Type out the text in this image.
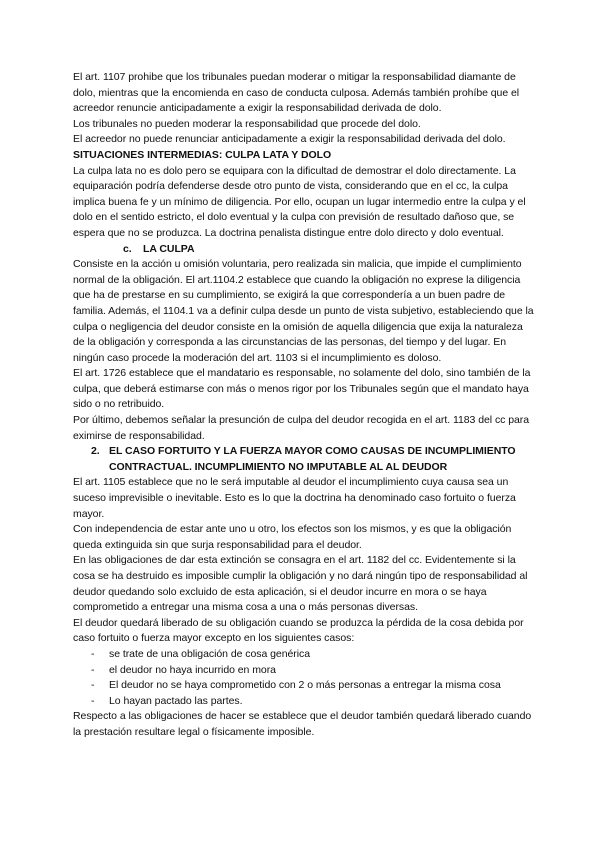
El art. 1107 prohibe que los tribunales puedan moderar o mitigar la responsabilidad diamante de dolo, mientras que la encomienda en caso de conducta culposa. Además también prohíbe que el acreedor renuncie anticipadamente a exigir la responsabilidad derivada de dolo.

Los tribunales no pueden moderar la responsabilidad que procede del dolo.

El acreedor no puede renunciar anticipadamente a exigir la responsabilidad derivada del dolo.

SITUACIONES INTERMEDIAS: CULPA LATA Y DOLO

La culpa lata no es dolo pero se equipara con la dificultad de demostrar el dolo directamente. La equiparación podría defenderse desde otro punto de vista, considerando que en el cc, la culpa implica buena fe y un mínimo de diligencia. Por ello, ocupan un lugar intermedio entre la culpa y el dolo en el sentido estricto, el dolo eventual y la culpa con previsión de resultado dañoso que, se espera que no se produzca. La doctrina penalista distingue entre dolo directo y dolo eventual.

c. LA CULPA

Consiste en la acción u omisión voluntaria, pero realizada sin malicia, que impide el cumplimiento normal de la obligación. El art.1104.2 establece que cuando la obligación no exprese la diligencia que ha de prestarse en su cumplimiento, se exigirá la que correspondería a un buen padre de familia. Además, el 1104.1 va a definir culpa desde un punto de vista subjetivo, estableciendo que la culpa o negligencia del deudor consiste en la omisión de aquella diligencia que exija la naturaleza de la obligación y corresponda a las circunstancias de las personas, del tiempo y del lugar. En ningún caso procede la moderación del art. 1103 si el incumplimiento es doloso.

El art. 1726 establece que el mandatario es responsable, no solamente del dolo, sino también de la culpa, que deberá estimarse con más o menos rigor por los Tribunales según que el mandato haya sido o no retribuido.

Por último, debemos señalar la presunción de culpa del deudor recogida en el art. 1183 del cc para eximirse de responsabilidad.

2. EL CASO FORTUITO Y LA FUERZA MAYOR COMO CAUSAS DE INCUMPLIMIENTO CONTRACTUAL. INCUMPLIMIENTO NO IMPUTABLE AL AL DEUDOR

El art. 1105 establece que no le será imputable al deudor el incumplimiento cuya causa sea un suceso imprevisible o inevitable. Esto es lo que la doctrina ha denominado caso fortuito o fuerza mayor.

Con independencia de estar ante uno u otro, los efectos son los mismos, y es que la obligación queda extinguida sin que surja responsabilidad para el deudor.

En las obligaciones de dar esta extinción se consagra en el art. 1182 del cc. Evidentemente si la cosa se ha destruido es imposible cumplir la obligación y no dará ningún tipo de responsabilidad al deudor quedando solo excluido de esta aplicación, si el deudor incurre en mora o se haya comprometido a entregar una misma cosa a una o más personas diversas.

El deudor quedará liberado de su obligación cuando se produzca la pérdida de la cosa debida por caso fortuito o fuerza mayor excepto en los siguientes casos:

-	se trate de una obligación de cosa genérica
-	el deudor no haya incurrido en mora
-	El deudor no se haya comprometido con 2 o más personas a entregar la misma cosa
-	Lo hayan pactado las partes.

Respecto a las obligaciones de hacer se establece que el deudor también quedará liberado cuando la prestación resultare legal o físicamente imposible.
